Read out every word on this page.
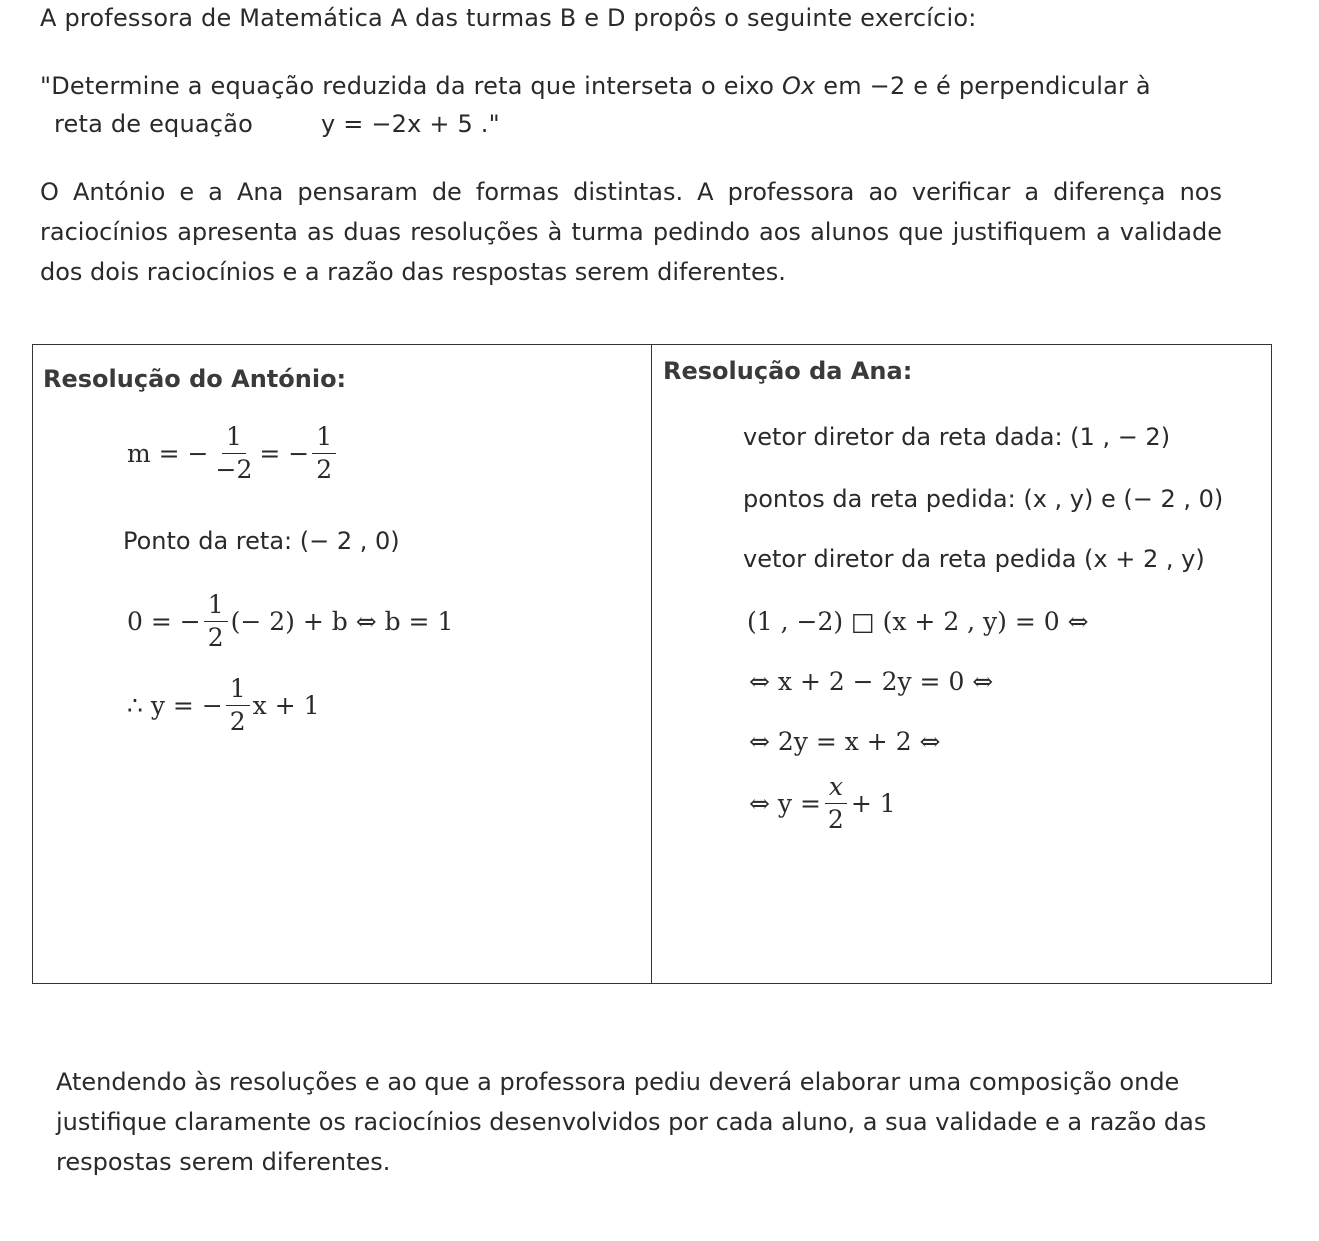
A professora de Matemática A das turmas B e D propôs o seguinte exercício:
"Determine a equação reduzida da reta que interseta o eixo Ox em −2 e é perpendicular à
reta de equação	y = −2x + 5 ."
O António e a Ana pensaram de formas distintas. A professora ao verificar a diferença nos raciocínios apresenta as duas resoluções à turma pedindo aos alunos que justifiquem a validade dos dois raciocínios e a razão das respostas serem diferentes.
Resolução do António:
m = − $\frac{1}{-2}$ = − $\frac{1}{2}$
Ponto da reta: (− 2 , 0)
0 = − $\frac{1}{2}$ (− 2) + b ⇔ b = 1
∴ y = − $\frac{1}{2}$ x + 1
Resolução da Ana:
vetor diretor da reta dada: (1 , − 2)
pontos da reta pedida: (x , y) e (− 2 , 0)
vetor diretor da reta pedida (x + 2 , y)
(1 , −2) □ (x + 2 , y) = 0 ⇔
⇔ x + 2 − 2y = 0 ⇔
⇔ 2y = x + 2 ⇔
⇔ $y = \frac{x}{2} + 1$
Atendendo às resoluções e ao que a professora pediu deverá elaborar uma composição onde justifique claramente os raciocínios desenvolvidos por cada aluno, a sua validade e a razão das respostas serem diferentes.
